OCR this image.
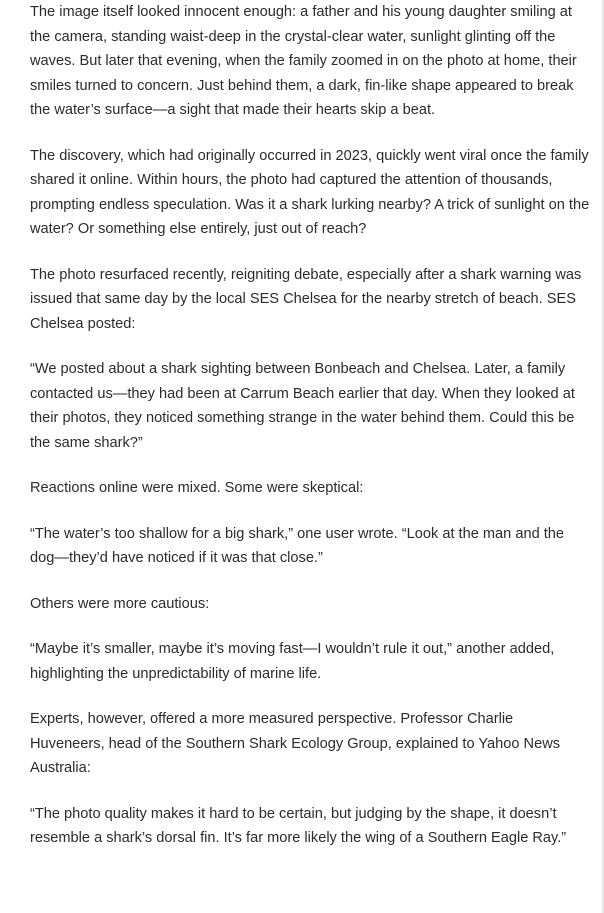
The image itself looked innocent enough: a father and his young daughter smiling at the camera, standing waist-deep in the crystal-clear water, sunlight glinting off the waves. But later that evening, when the family zoomed in on the photo at home, their smiles turned to concern. Just behind them, a dark, fin-like shape appeared to break the water’s surface—a sight that made their hearts skip a beat.

The discovery, which had originally occurred in 2023, quickly went viral once the family shared it online. Within hours, the photo had captured the attention of thousands, prompting endless speculation. Was it a shark lurking nearby? A trick of sunlight on the water? Or something else entirely, just out of reach?

The photo resurfaced recently, reigniting debate, especially after a shark warning was issued that same day by the local SES Chelsea for the nearby stretch of beach. SES Chelsea posted:

“We posted about a shark sighting between Bonbeach and Chelsea. Later, a family contacted us—they had been at Carrum Beach earlier that day. When they looked at their photos, they noticed something strange in the water behind them. Could this be the same shark?”

Reactions online were mixed. Some were skeptical:

“The water’s too shallow for a big shark,” one user wrote. “Look at the man and the dog—they’d have noticed if it was that close.”

Others were more cautious:

“Maybe it’s smaller, maybe it’s moving fast—I wouldn’t rule it out,” another added, highlighting the unpredictability of marine life.

Experts, however, offered a more measured perspective. Professor Charlie Huveneers, head of the Southern Shark Ecology Group, explained to Yahoo News Australia:

“The photo quality makes it hard to be certain, but judging by the shape, it doesn’t resemble a shark’s dorsal fin. It’s far more likely the wing of a Southern Eagle Ray.”
